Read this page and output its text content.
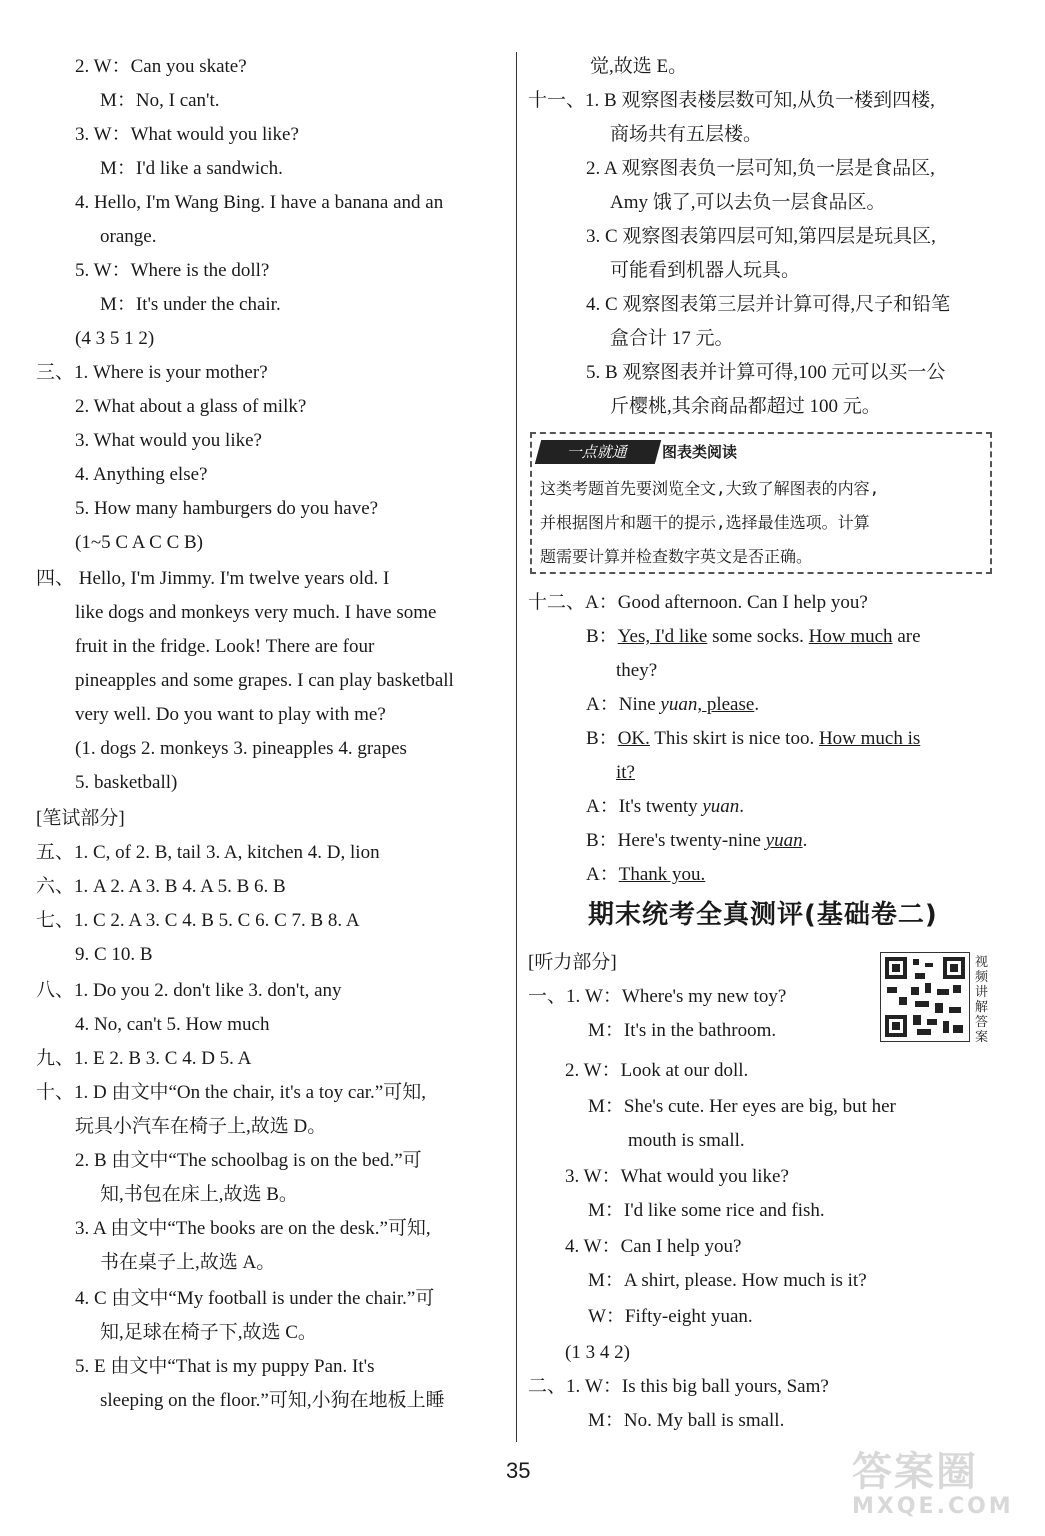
2. W：Can you skate?
M：No, I can't.
3. W：What would you like?
M：I'd like a sandwich.
4. Hello, I'm Wang Bing. I have a banana and an
orange.
5. W：Where is the doll?
M：It's under the chair.
(4 3 5 1 2)
三、1. Where is your mother?
2. What about a glass of milk?
3. What would you like?
4. Anything else?
5. How many hamburgers do you have?
(1~5 C A C C B)
四、 Hello, I'm Jimmy. I'm twelve years old. I
like dogs and monkeys very much. I have some
fruit in the fridge. Look! There are four
pineapples and some grapes. I can play basketball
very well. Do you want to play with me?
(1. dogs 2. monkeys 3. pineapples 4. grapes
5. basketball)
[笔试部分]
五、1. C, of 2. B, tail 3. A, kitchen 4. D, lion
六、1. A 2. A 3. B 4. A 5. B 6. B
七、1. C 2. A 3. C 4. B 5. C 6. C 7. B 8. A
9. C 10. B
八、1. Do you 2. don't like 3. don't, any
4. No, can't 5. How much
九、1. E 2. B 3. C 4. D 5. A
十、1. D 由文中“On the chair, it's a toy car.”可知,
玩具小汽车在椅子上,故选 D。
2. B 由文中“The schoolbag is on the bed.”可
知,书包在床上,故选 B。
3. A 由文中“The books are on the desk.”可知,
书在桌子上,故选 A。
4. C 由文中“My football is under the chair.”可
知,足球在椅子下,故选 C。
5. E 由文中“That is my puppy Pan. It's
sleeping on the floor.”可知,小狗在地板上睡
觉,故选 E。
十一、1. B 观察图表楼层数可知,从负一楼到四楼,
商场共有五层楼。
2. A 观察图表负一层可知,负一层是食品区,
Amy 饿了,可以去负一层食品区。
3. C 观察图表第四层可知,第四层是玩具区,
可能看到机器人玩具。
4. C 观察图表第三层并计算可得,尺子和铅笔
盒合计 17 元。
5. B 观察图表并计算可得,100 元可以买一公
斤樱桃,其余商品都超过 100 元。
一点就通	图表类阅读
这类考题首先要浏览全文,大致了解图表的内容,
并根据图片和题干的提示,选择最佳选项。计算
题需要计算并检查数字英文是否正确。
十二、A：Good afternoon. Can I help you?
B：Yes, I'd like some socks. How much are
they?
A：Nine yuan, please.
B：OK. This skirt is nice too. How much is
it?
A：It's twenty yuan.
B：Here's twenty-nine yuan.
A：Thank you.
期末统考全真测评(基础卷二)
[听力部分]
一、1. W：Where's my new toy?
M：It's in the bathroom.
2. W：Look at our doll.
M：She's cute. Her eyes are big, but her
mouth is small.
3. W：What would you like?
M：I'd like some rice and fish.
4. W：Can I help you?
M：A shirt, please. How much is it?
W：Fifty-eight yuan.
(1 3 4 2)
二、1. W：Is this big ball yours, Sam?
M：No. My ball is small.
视频讲解答案
35	答案圈
MXQE.COM
